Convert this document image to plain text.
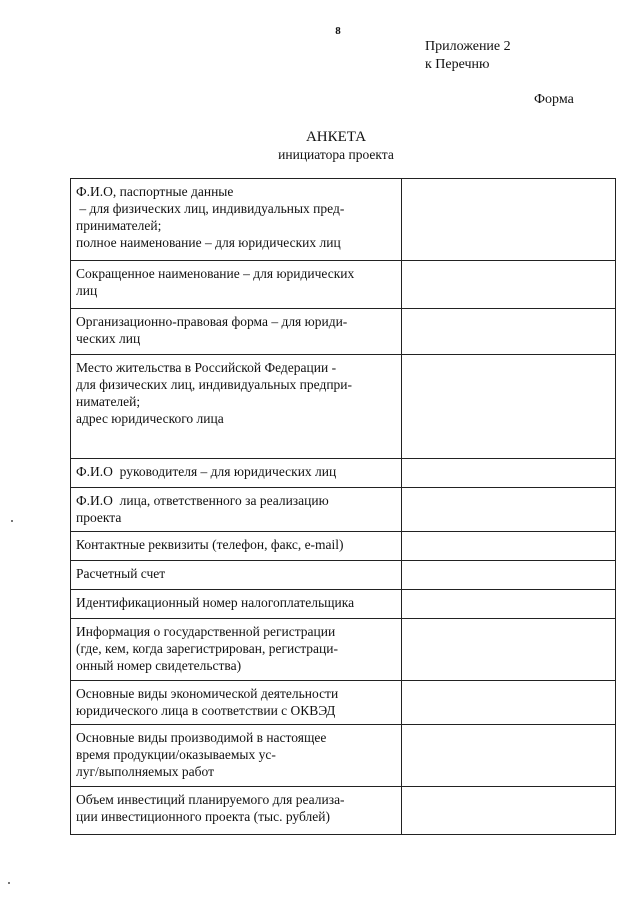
8
Приложение 2
к Перечню
Форма
АНКЕТА
инициатора проекта
Ф.И.О, паспортные данные
– для физических лиц, индивидуальных пред-
принимателей;
полное наименование – для юридических лиц	

Сокращенное наименование – для юридических
лиц	

Организационно-правовая форма – для юриди-
ческих лиц	

Место жительства в Российской Федерации -
для физических лиц, индивидуальных предпри-
нимателей;
адрес юридического лица	

Ф.И.О  руководителя – для юридических лиц	

Ф.И.О  лица, ответственного за реализацию
проекта	

Контактные реквизиты (телефон, факс, e-mail)	

Расчетный счет	

Идентификационный номер налогоплательщика	

Информация о государственной регистрации
(где, кем, когда зарегистрирован, регистраци-
онный номер свидетельства)	

Основные виды экономической деятельности
юридического лица в соответствии с ОКВЭД	

Основные виды производимой в настоящее
время продукции/оказываемых ус-
луг/выполняемых работ	

Объем инвестиций планируемого для реализа-
ции инвестиционного проекта (тыс. рублей)	
